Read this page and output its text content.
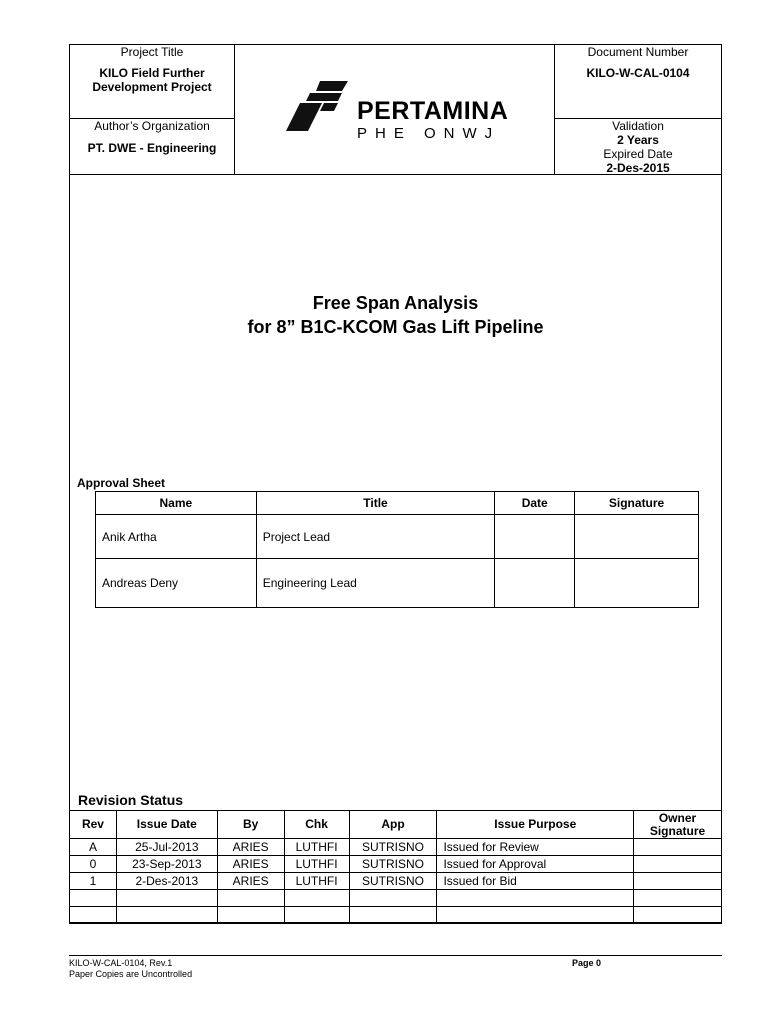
Project Title
KILO Field Further
Development Project
Author’s Organization
PT. DWE - Engineering
PERTAMINA
PHE ONWJ
Document Number
KILO-W-CAL-0104
Validation
2 Years
Expired Date
2-Des-2015
Free Span Analysis
for 8” B1C-KCOM Gas Lift Pipeline
Approval Sheet
Name	Title	Date	Signature
Anik Artha	Project Lead		
Andreas Deny	Engineering Lead		
Revision Status
Rev	Issue Date	By	Chk	App	Issue Purpose	Owner Signature
A	25-Jul-2013	ARIES	LUTHFI	SUTRISNO	Issued for Review	
0	23-Sep-2013	ARIES	LUTHFI	SUTRISNO	Issued for Approval	
1	2-Des-2013	ARIES	LUTHFI	SUTRISNO	Issued for Bid	

KILO-W-CAL-0104, Rev.1
Paper Copies are Uncontrolled
Page 0
